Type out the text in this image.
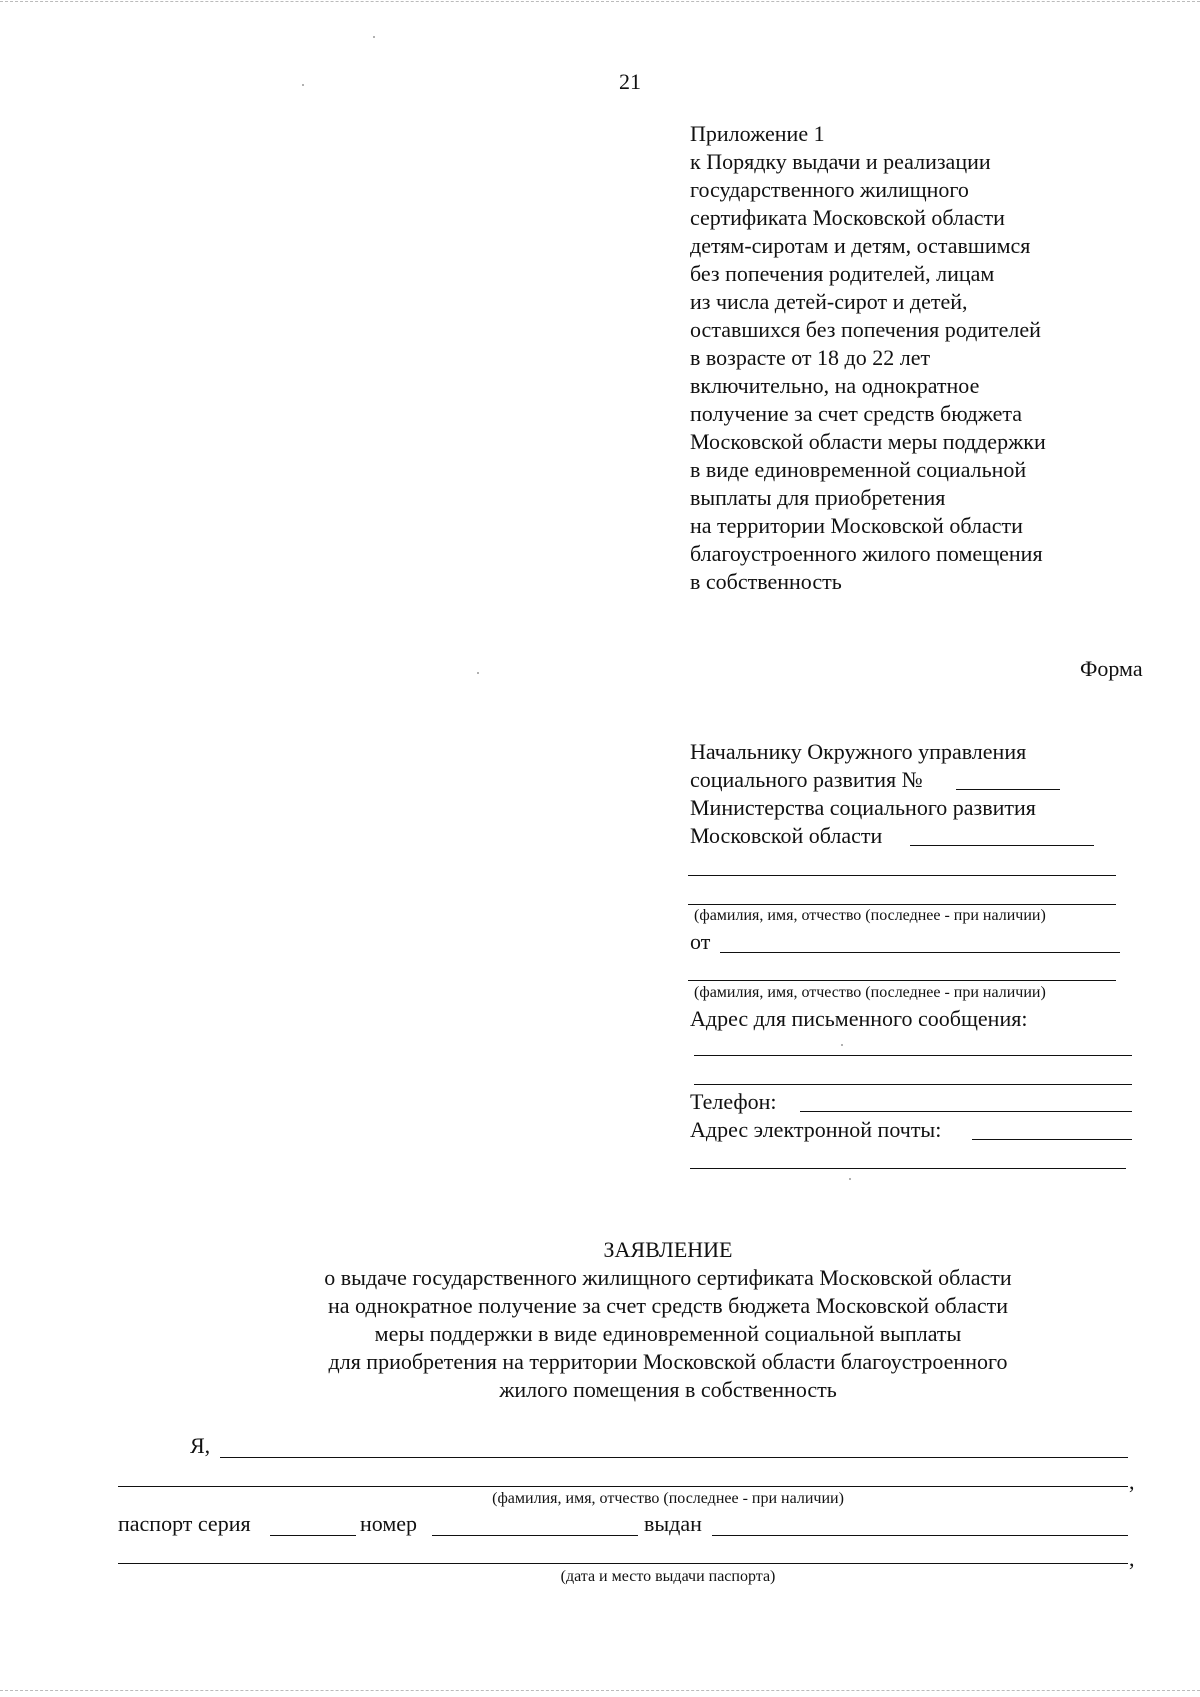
21
Приложение 1
к Порядку выдачи и реализации
государственного жилищного
сертификата Московской области
детям-сиротам и детям, оставшимся
без попечения родителей, лицам
из числа детей-сирот и детей,
оставшихся без попечения родителей
в возрасте от 18 до 22 лет
включительно, на однократное
получение за счет средств бюджета
Московской области меры поддержки
в виде единовременной социальной
выплаты для приобретения
на территории Московской области
благоустроенного жилого помещения
в собственность
Форма
Начальнику Окружного управления
социального развития №
Министерства социального развития
Московской области
(фамилия, имя, отчество (последнее - при наличии)
от
(фамилия, имя, отчество (последнее - при наличии)
Адрес для письменного сообщения:
Телефон:
Адрес электронной почты:
ЗАЯВЛЕНИЕ
о выдаче государственного жилищного сертификата Московской области
на однократное получение за счет средств бюджета Московской области
меры поддержки в виде единовременной социальной выплаты
для приобретения на территории Московской области благоустроенного
жилого помещения в собственность
Я,
,
(фамилия, имя, отчество (последнее - при наличии)
паспорт серия	номер	выдан
,
(дата и место выдачи паспорта)
